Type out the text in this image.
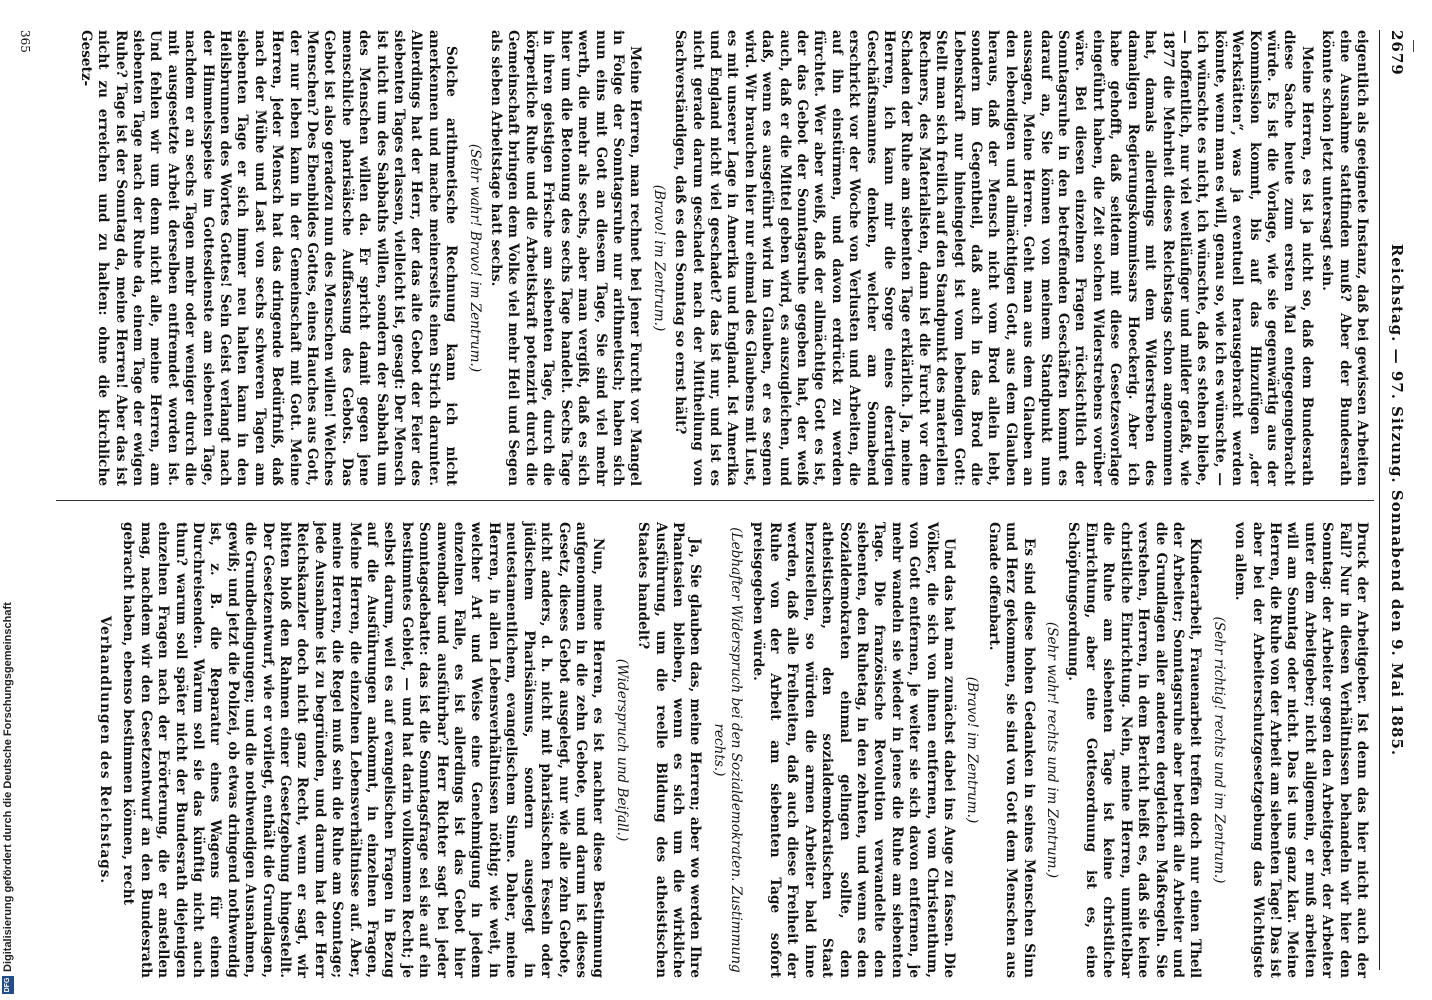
2679
Reichstag. — 97. Sitzung. Sonnabend den 9. Mai 1885.

eigentlich als geeignete Instanz, daß bei gewissen Arbeiten eine Ausnahme stattfinden muß? Aber der Bundesrath könnte schon jetzt untersagt sein.

Meine Herren, es ist ja nicht so, daß dem Bundesrath diese Sache heute zum ersten Mal entgegengebracht würde. Es ist die Vorlage, wie sie gegenwärtig aus der Kommission kommt, bis auf das Hinzufügen „der Werkstätten“, was ja eventuell herausgebracht werden könnte, wenn man es will, genau so, wie ich es wünschte, — ich wünschte es nicht, ich wünschte, daß es stehen bliebe, — hoffentlich, nur viel weitläufiger und milder gefaßt, wie 1877 die Mehrheit dieses Reichstags schon angenommen hat, damals allerdings mit dem Widerstreben des damaligen Regierungskommissars Hoeckerig. Aber ich habe gehofft, daß seitdem mit diese Gesetzesvorlage eingeführt haben, die Zeit solchen Widerstrebens vorüber wäre. Bei diesen einzelnen Fragen rücksichtlich der Sonntagsruhe in den betreffenden Geschäften kommt es darauf an, Sie können von meinem Standpunkt nun aussagen, Meine Herren. Geht man aus dem Glauben an den lebendigen und allmächtigen Gott, aus dem Glauben heraus, daß der Mensch nicht vom Brod allein lebt, sondern im Gegentheil, daß auch in das Brod die Lebenskraft nur hineingelegt ist vom lebendigen Gott: Stellt man sich freilich auf den Standpunkt des materiellen Rechners, des Materialisten, dann ist die Furcht vor dem Schaden der Ruhe am siebenten Tage erklärlich. Ja, meine Herren, ich kann mir die Sorge eines derartigen Geschäftsmannes denken, welcher am Sonnabend erschrickt vor der Woche von Verlusten und Arbeiten, die auf ihn einstürmen, und davon erdrückt zu werden fürchtet. Wer aber weiß, daß der allmächtige Gott es ist, der das Gebot der Sonntagsruhe gegeben hat, der weiß auch, daß er die Mittel geben wird, es auszugleichen, und daß, wenn es ausgeführt wird im Glauben, er es segnen wird. Wir brauchen hier nur einmal des Glaubens mit Lust, es mit unserer Lage in Amerika und England. Ist Amerika und England nicht viel geschadet? das ist nur, und ist es nicht gerade darum geschadet nach der Mittheilung von Sachverständigen, daß es den Sonntag so ernst hält?

(Bravo! im Zentrum.)

Meine Herren, man rechnet bei jener Furcht vor Mangel in Folge der Sonntagsruhe nur arithmetisch; haben sich nun eins mit Gott an diesem Tage, Sie sind viel mehr werth, die mehr als sechs, aber man vergißt, daß es sich hier um die Betonung des sechs Tage handelt. Sechs Tage in ihren geistigen Frische am siebenten Tage, durch die körperliche Ruhe und die Arbeitskraft potenzirt durch die Gemeinschaft bringen dem Volke viel mehr Heil und Segen als sieben Arbeitstage hatt sechs.

(Sehr wahr! Bravo! im Zentrum.)

Solche arithmetische Rechnung kann ich nicht anerkennen und mache meinerseits einen Strich darunter. Allerdings hat der Herr, der das alte Gebot der Feier des siebenten Tages erlassen, vielleicht ist, gesagt: Der Mensch ist nicht um des Sabbaths willen, sondern der Sabbath um des Menschen willen da. Er spricht damit gegen jene menschliche pharisäische Auffassung des Gebots. Das Gebot ist also geradezu nun des Menschen willen! Welches Menschen? Des Ebenbildes Gottes, eines Hauches aus Gott, der nur leben kann in der Gemeinschaft mit Gott. Meine Herren, jeder Mensch hat das dringende Bedürfniß, daß nach der Mühe und Last von sechs schweren Tagen am siebenten Tage er sich immer neu halten kann in den Heilsbrunnen des Wortes Gottes! Sein Geist verlangt nach der Himmelsspeise im Gottesdienste am siebenten Tage, nachdem er an sechs Tagen mehr oder weniger durch die mit ausgesetzte Arbeit derselben entfremdet worden ist. Und fehlen wir um denn nicht alle, meine Herren, am siebenten Tage nach der Ruhe da, einem Tage der ewigen Ruhe? Tage ist der Sonntag da, meine Herren! Aber das ist nicht zu erreichen und zu halten: ohne die kirchliche Gesetz-

Druck der Arbeitgeber. Ist denn das hier nicht auch der Fall? Nur in diesen Verhältnissen behandeln wir hier den Sonntag: der Arbeiter gegen den Arbeitgeber, der Arbeiter unter dem Arbeitgeber; nicht allgemein, er muß arbeiten will am Sonntag oder nicht. Das ist uns ganz klar. Meine Herren, die Ruhe von der Arbeit am siebenten Tage! Das ist aber bei der Arbeiterschutzgesetzgebung das Wichtigste von allem.

(Sehr richtig! rechts und im Zentrum.)

Kinderarbeit, Frauenarbeit treffen doch nur einen Theil der Arbeiter; Sonntagsruhe aber betrifft alle Arbeiter und die Grundlagen aller anderen dergleichen Maßregeln. Sie verstehen, Herren, in dem Bericht heißt es, daß sie keine christliche Einrichtung. Nein, meine Herren, unmittelbar die Ruhe am siebenten Tage ist keine christliche Einrichtung, aber eine Gottesordnung ist es, eine Schöpfungsordnung.

(Sehr wahr! rechts und im Zentrum.)

Es sind diese hohen Gedanken in seines Menschen Sinn und Herz gekommen, sie sind von Gott dem Menschen aus Gnade offenbart.

(Bravo! im Zentrum.)

Und das hat man zunächst dabei ins Auge zu fassen. Die Völker, die sich von ihnen entfernen, vom Christenthum, von Gott entfernen, je weiter sie sich davon entfernen, je mehr wandeln sie wieder in jenes die Ruhe am siebenten Tage. Die französische Revolution verwandelte den siebenten, den Ruhetag, in den zehnten, und wenn es den Sozialdemokraten einmal gelingen sollte, den atheistischen, den sozialdemokratischen Staat herzustellen, so würden die armen Arbeiter bald inne werden, daß alle Freiheiten, daß auch diese Freiheit der Ruhe von der Arbeit am siebenten Tage sofort preisgegeben würde.

(Lebhafter Widerspruch bei den Sozialdemokraten. Zustimmung rechts.)

Ja, Sie glauben das, meine Herren; aber wo werden Ihre Phantasien bleiben, wenn es sich um die wirkliche Ausführung, um die reelle Bildung des atheistischen Staates handelt?

(Widerspruch und Beifall.)

Nun, meine Herren, es ist nachher diese Bestimmung aufgenommen in die zehn Gebote, und darum ist dieses Gesetz, dieses Gebot ausgelegt, nur wie alle zehn Gebote, nicht anders, d. h. nicht mit pharisäischen Fesseln oder jüdischem Pharisäismus, sondern ausgelegt in neutestamentlichem, evangelischem Sinne. Daher, meine Herren, in allen Lebensverhältnissen nöthig; wie weit, in welcher Art und Weise eine Genehmigung in jedem einzelnen Falle, es ist allerdings ist das Gebot hier anwendbar und ausführbar? Herr Richter sagt bei jeder Sonntagsdebatte: das ist die Sonntagsfrage sei sie auf ein bestimmtes Gebiet, — und hat darin vollkommen Recht; je selbst darum, weil es auf evangelischen Fragen in Bezug auf die Ausführungen ankommt, in einzelnen Fragen, Meine Herren, die einzelnen Lebensverhältnisse auf. Aber, meine Herren, die Regel muß sein die Ruhe am Sonntage; jede Ausnahme ist zu begründen, und darum hat der Herr Reichskanzler doch nicht ganz Recht, wenn er sagt, wir bitten bloß den Rahmen einer Gesetzgebung hingestellt. Der Gesetzentwurf, wie er vorliegt, enthält die Grundlagen, die Grundbedingungen; und die nothwendigen Ausnahmen, gewiß; und jetzt die Polizei, ob etwas dringend nothwendig ist, z. B. die Reparatur eines Wagens für einen Durchreisenden. Warum soll sie das künftig nicht auch thun? warum soll später nicht der Bundesrath diejenigen einzelnen Fragen nach der Erörterung, die er anstellen mag, nachdem wir den Gesetzentwurf an den Bundesrath gebracht haben, ebenso bestimmen können, recht

Verhandlungen des Reichstags.

365
DFG
Digitalisierung gefördert durch die Deutsche Forschungsgemeinschaft
